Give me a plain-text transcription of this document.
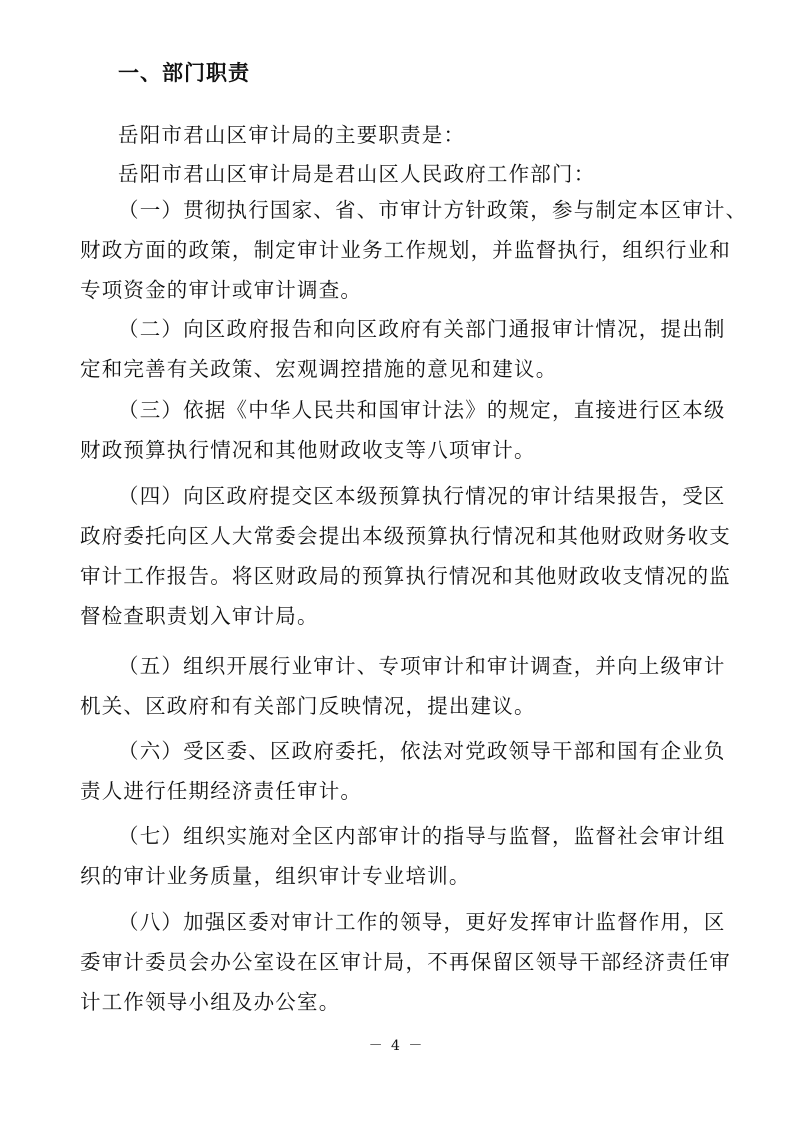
一、部门职责
岳阳市君山区审计局的主要职责是：
岳阳市君山区审计局是君山区人民政府工作部门：
（一）贯彻执行国家、省、市审计方针政策，参与制定本区审计、
财政方面的政策，制定审计业务工作规划，并监督执行，组织行业和
专项资金的审计或审计调查。
（二）向区政府报告和向区政府有关部门通报审计情况，提出制
定和完善有关政策、宏观调控措施的意见和建议。
（三）依据《中华人民共和国审计法》的规定，直接进行区本级
财政预算执行情况和其他财政收支等八项审计。
（四）向区政府提交区本级预算执行情况的审计结果报告，受区
政府委托向区人大常委会提出本级预算执行情况和其他财政财务收支
审计工作报告。将区财政局的预算执行情况和其他财政收支情况的监
督检查职责划入审计局。
（五）组织开展行业审计、专项审计和审计调查，并向上级审计
机关、区政府和有关部门反映情况，提出建议。
（六）受区委、区政府委托，依法对党政领导干部和国有企业负
责人进行任期经济责任审计。
（七）组织实施对全区内部审计的指导与监督，监督社会审计组
织的审计业务质量，组织审计专业培训。
（八）加强区委对审计工作的领导，更好发挥审计监督作用，区
委审计委员会办公室设在区审计局，不再保留区领导干部经济责任审
计工作领导小组及办公室。
－ 4 －
